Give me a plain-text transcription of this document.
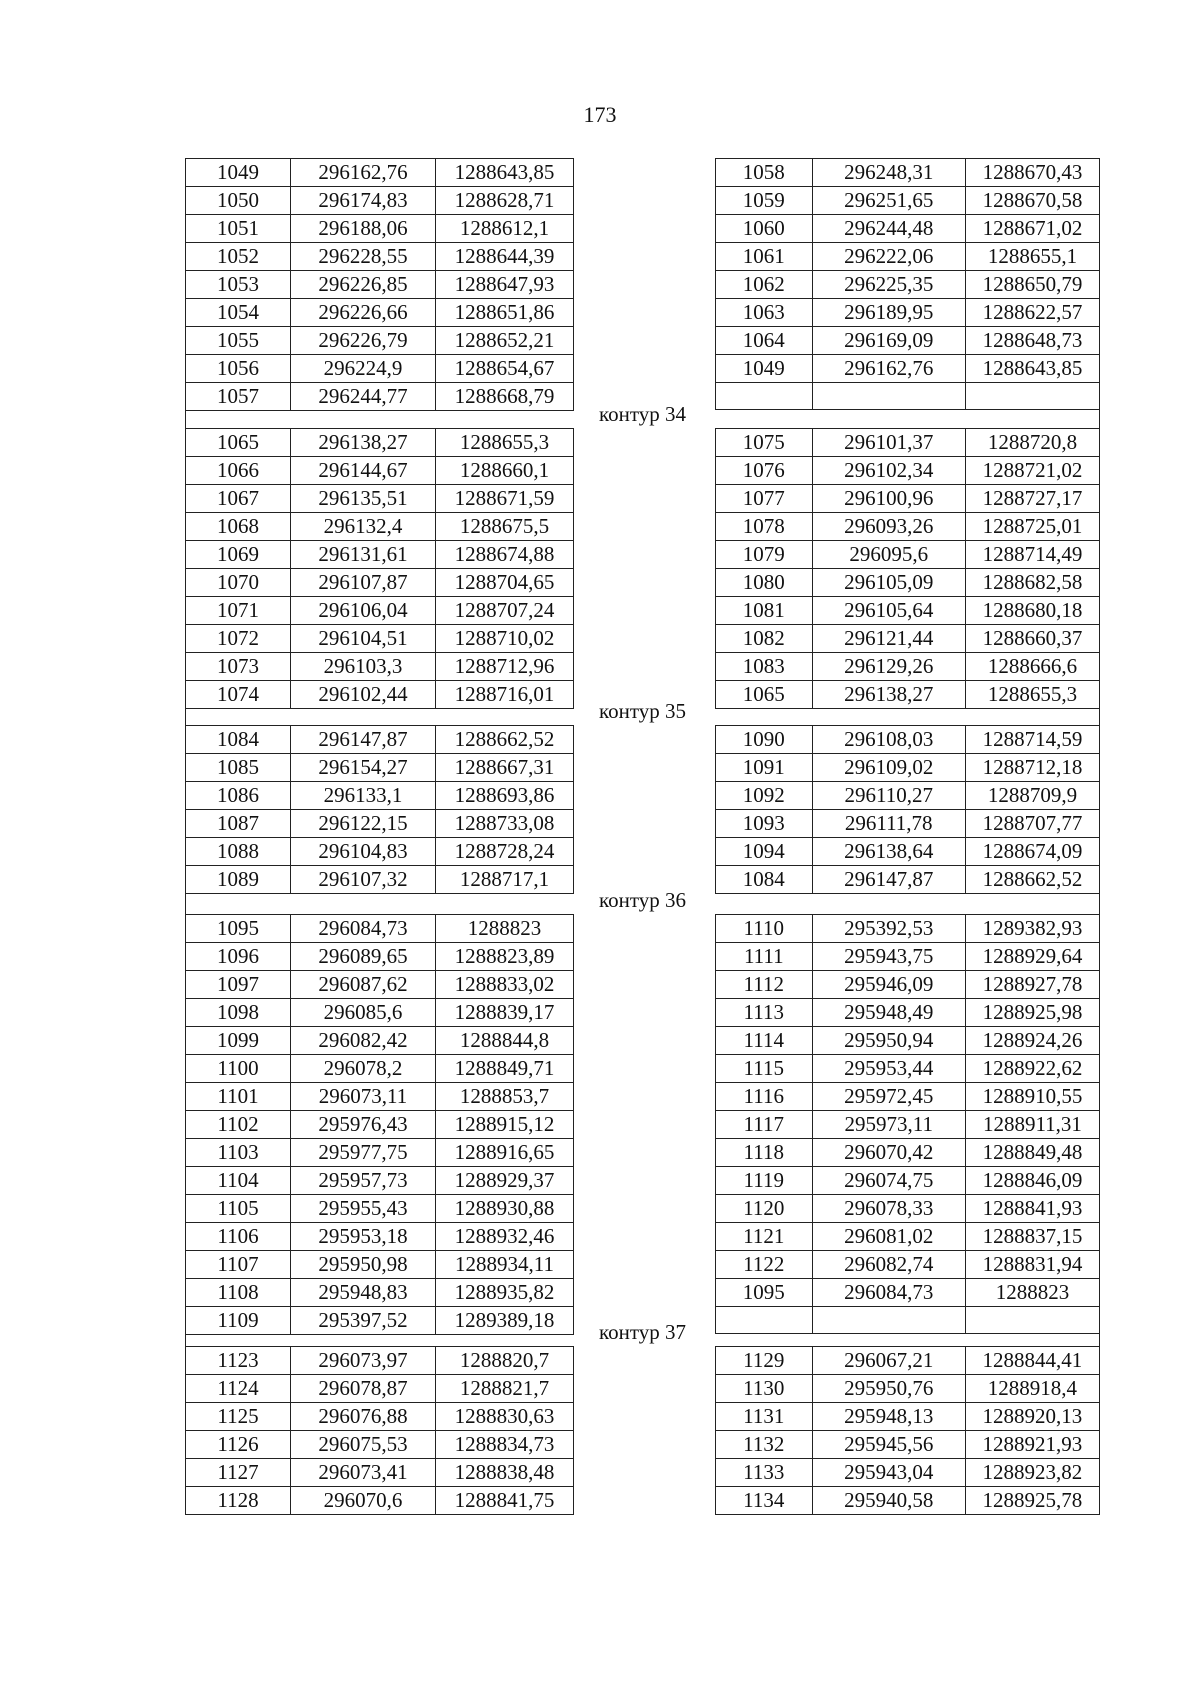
173
1049	296162,76	1288643,85
1050	296174,83	1288628,71
1051	296188,06	1288612,1
1052	296228,55	1288644,39
1053	296226,85	1288647,93
1054	296226,66	1288651,86
1055	296226,79	1288652,21
1056	296224,9	1288654,67
1057	296244,77	1288668,79
1058	296248,31	1288670,43
1059	296251,65	1288670,58
1060	296244,48	1288671,02
1061	296222,06	1288655,1
1062	296225,35	1288650,79
1063	296189,95	1288622,57
1064	296169,09	1288648,73
1049	296162,76	1288643,85

контур 34
1065	296138,27	1288655,3
1066	296144,67	1288660,1
1067	296135,51	1288671,59
1068	296132,4	1288675,5
1069	296131,61	1288674,88
1070	296107,87	1288704,65
1071	296106,04	1288707,24
1072	296104,51	1288710,02
1073	296103,3	1288712,96
1074	296102,44	1288716,01
1075	296101,37	1288720,8
1076	296102,34	1288721,02
1077	296100,96	1288727,17
1078	296093,26	1288725,01
1079	296095,6	1288714,49
1080	296105,09	1288682,58
1081	296105,64	1288680,18
1082	296121,44	1288660,37
1083	296129,26	1288666,6
1065	296138,27	1288655,3
контур 35
1084	296147,87	1288662,52
1085	296154,27	1288667,31
1086	296133,1	1288693,86
1087	296122,15	1288733,08
1088	296104,83	1288728,24
1089	296107,32	1288717,1
1090	296108,03	1288714,59
1091	296109,02	1288712,18
1092	296110,27	1288709,9
1093	296111,78	1288707,77
1094	296138,64	1288674,09
1084	296147,87	1288662,52
контур 36
1095	296084,73	1288823
1096	296089,65	1288823,89
1097	296087,62	1288833,02
1098	296085,6	1288839,17
1099	296082,42	1288844,8
1100	296078,2	1288849,71
1101	296073,11	1288853,7
1102	295976,43	1288915,12
1103	295977,75	1288916,65
1104	295957,73	1288929,37
1105	295955,43	1288930,88
1106	295953,18	1288932,46
1107	295950,98	1288934,11
1108	295948,83	1288935,82
1109	295397,52	1289389,18
1110	295392,53	1289382,93
1111	295943,75	1288929,64
1112	295946,09	1288927,78
1113	295948,49	1288925,98
1114	295950,94	1288924,26
1115	295953,44	1288922,62
1116	295972,45	1288910,55
1117	295973,11	1288911,31
1118	296070,42	1288849,48
1119	296074,75	1288846,09
1120	296078,33	1288841,93
1121	296081,02	1288837,15
1122	296082,74	1288831,94
1095	296084,73	1288823

контур 37
1123	296073,97	1288820,7
1124	296078,87	1288821,7
1125	296076,88	1288830,63
1126	296075,53	1288834,73
1127	296073,41	1288838,48
1128	296070,6	1288841,75
1129	296067,21	1288844,41
1130	295950,76	1288918,4
1131	295948,13	1288920,13
1132	295945,56	1288921,93
1133	295943,04	1288923,82
1134	295940,58	1288925,78
